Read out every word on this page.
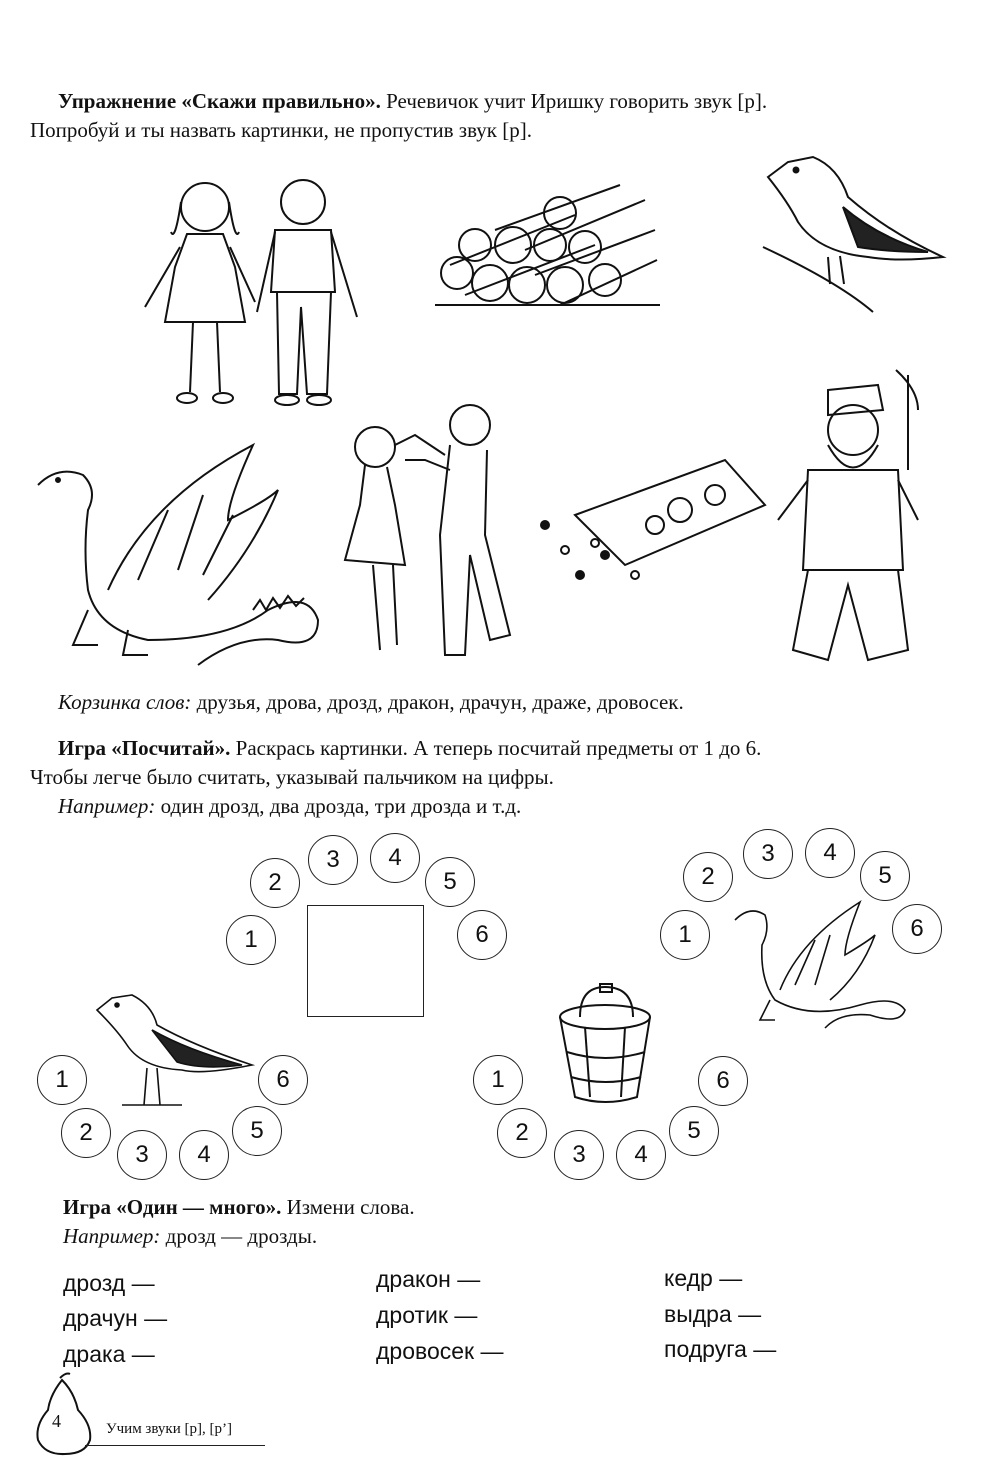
Упражнение «Скажи правильно». Речевичок учит Иришку говорить звук [р].
Попробуй и ты назвать картинки, не пропустив звук [р].
Корзинка слов: друзья, дрова, дрозд, дракон, драчун, драже, дровосек.
Игра «Посчитай». Раскрась картинки. А теперь посчитай предметы от 1 до 6.
Чтобы легче было считать, указывай пальчиком на цифры.
Например: один дрозд, два дрозда, три дрозда и т.д.
1
2
3	4
5
6	1
2
3	4
5
6
1
2
3	4
5
6	1
2
3	4
5
6
Игра «Один — много». Измени слова.
Например: дрозд — дрозды.
дрозд —
драчун —
драка —
дракон —
дротик —
дровосек —
кедр —
выдра —
подруга —
4	Учим звуки [р], [р’]
